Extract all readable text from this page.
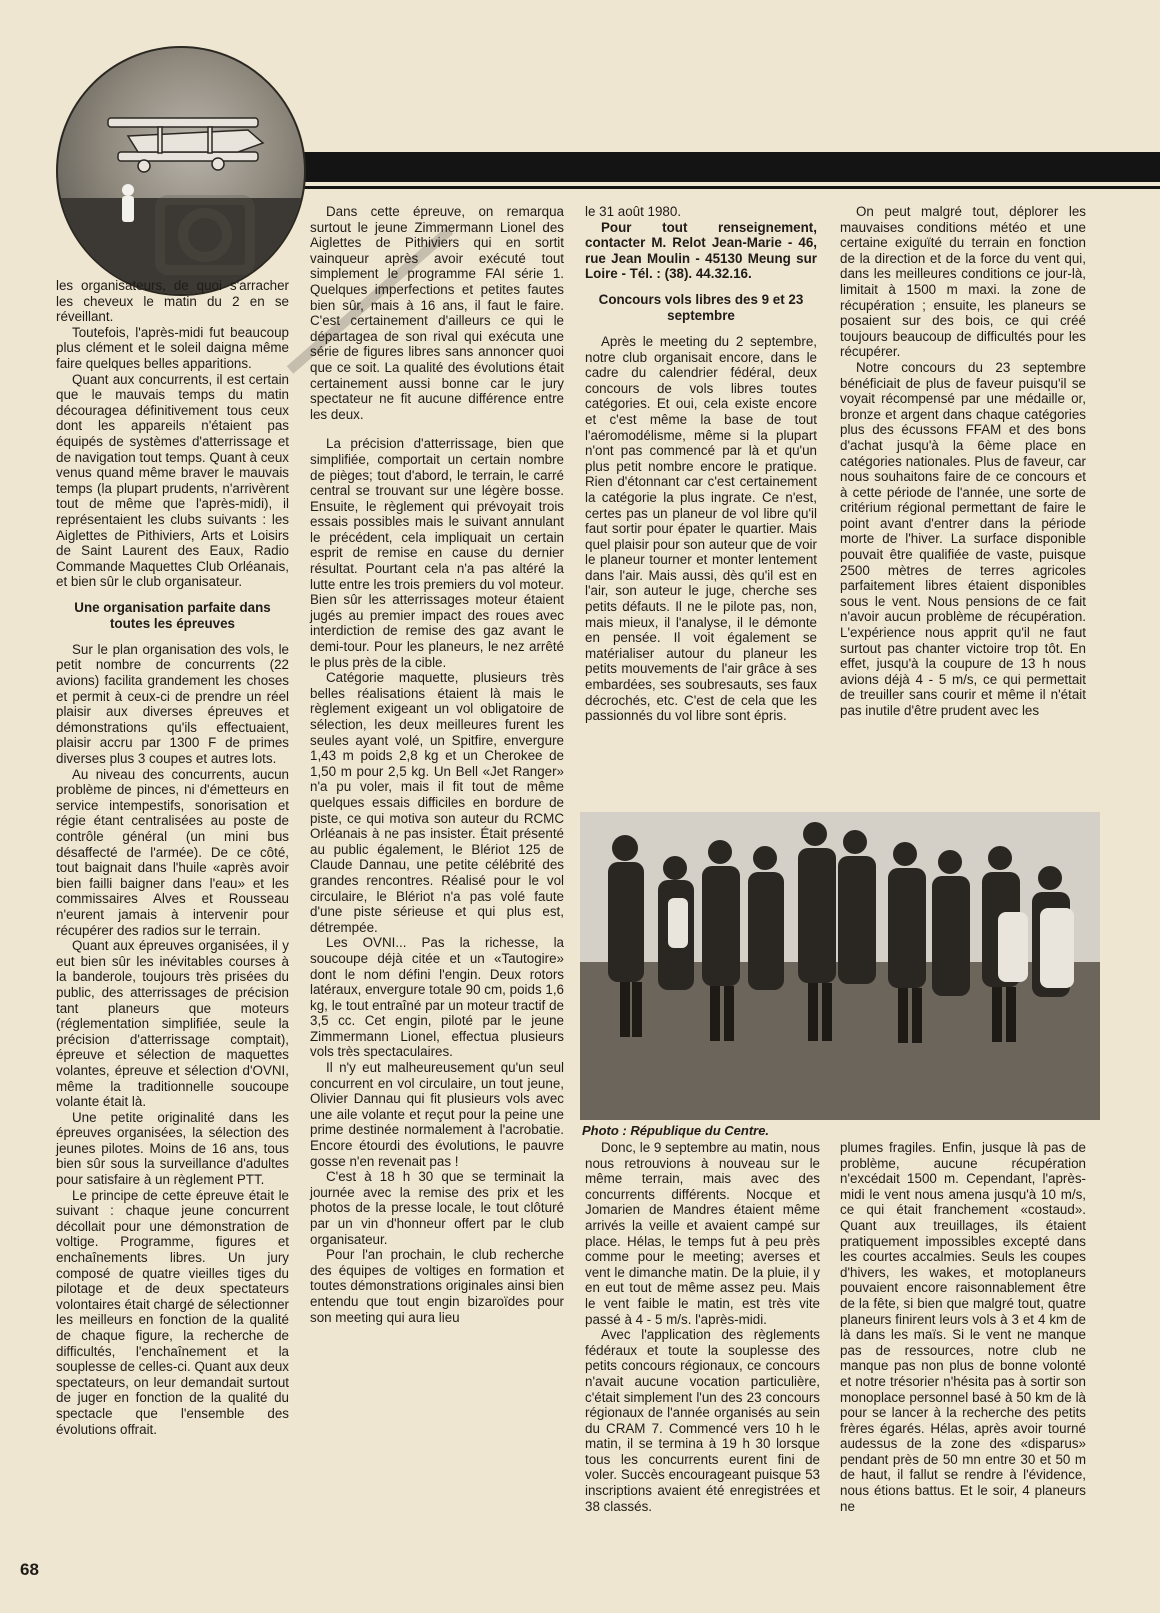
les organisateurs, de quoi s'arracher les cheveux le matin du 2 en se réveillant.

Toutefois, l'après-midi fut beaucoup plus clément et le soleil daigna même faire quelques belles apparitions.

Quant aux concurrents, il est certain que le mauvais temps du matin découragea définitivement tous ceux dont les appareils n'étaient pas équipés de systèmes d'atterrissage et de navigation tout temps. Quant à ceux venus quand même braver le mauvais temps (la plupart prudents, n'arrivèrent tout de même que l'après-midi), il représentaient les clubs suivants : les Aiglettes de Pithiviers, Arts et Loisirs de Saint Laurent des Eaux, Radio Commande Maquettes Club Orléanais, et bien sûr le club organisateur.

Une organisation parfaite dans toutes les épreuves

Sur le plan organisation des vols, le petit nombre de concurrents (22 avions) facilita grandement les choses et permit à ceux-ci de prendre un réel plaisir aux diverses épreuves et démonstrations qu'ils effectuaient, plaisir accru par 1300 F de primes diverses plus 3 coupes et autres lots.

Au niveau des concurrents, aucun problème de pinces, ni d'émetteurs en service intempestifs, sonorisation et régie étant centralisées au poste de contrôle général (un mini bus désaffecté de l'armée). De ce côté, tout baignait dans l'huile «après avoir bien failli baigner dans l'eau» et les commissaires Alves et Rousseau n'eurent jamais à intervenir pour récupérer des radios sur le terrain.

Quant aux épreuves organisées, il y eut bien sûr les inévitables courses à la banderole, toujours très prisées du public, des atterrissages de précision tant planeurs que moteurs (réglementation simplifiée, seule la précision d'atterrissage comptait), épreuve et sélection de maquettes volantes, épreuve et sélection d'OVNI, même la traditionnelle soucoupe volante était là.

Une petite originalité dans les épreuves organisées, la sélection des jeunes pilotes. Moins de 16 ans, tous bien sûr sous la surveillance d'adultes pour satisfaire à un règlement PTT.

Le principe de cette épreuve était le suivant : chaque jeune concurrent décollait pour une démonstration de voltige. Programme, figures et enchaînements libres. Un jury composé de quatre vieilles tiges du pilotage et de deux spectateurs volontaires était chargé de sélectionner les meilleurs en fonction de la qualité de chaque figure, la recherche de difficultés, l'enchaînement et la souplesse de celles-ci. Quant aux deux spectateurs, on leur demandait surtout de juger en fonction de la qualité du spectacle que l'ensemble des évolutions offrait.

Dans cette épreuve, on remarqua surtout le jeune Zimmermann Lionel des Aiglettes de Pithiviers qui en sortit vainqueur après avoir exécuté tout simplement le programme FAI série 1. Quelques imperfections et petites fautes bien sûr, mais à 16 ans, il faut le faire. C'est certainement d'ailleurs ce qui le départagea de son rival qui exécuta une série de figures libres sans annoncer quoi que ce soit. La qualité des évolutions était certainement aussi bonne car le jury spectateur ne fit aucune différence entre les deux.

La précision d'atterrissage, bien que simplifiée, comportait un certain nombre de pièges; tout d'abord, le terrain, le carré central se trouvant sur une légère bosse. Ensuite, le règlement qui prévoyait trois essais possibles mais le suivant annulant le précédent, cela impliquait un certain esprit de remise en cause du dernier résultat. Pourtant cela n'a pas altéré la lutte entre les trois premiers du vol moteur. Bien sûr les atterrissages moteur étaient jugés au premier impact des roues avec interdiction de remise des gaz avant le demi-tour. Pour les planeurs, le nez arrêté le plus près de la cible.

Catégorie maquette, plusieurs très belles réalisations étaient là mais le règlement exigeant un vol obligatoire de sélection, les deux meilleures furent les seules ayant volé, un Spitfire, envergure 1,43 m poids 2,8 kg et un Cherokee de 1,50 m pour 2,5 kg. Un Bell «Jet Ranger» n'a pu voler, mais il fit tout de même quelques essais difficiles en bordure de piste, ce qui motiva son auteur du RCMC Orléanais à ne pas insister. Était présenté au public également, le Blériot 125 de Claude Dannau, une petite célébrité des grandes rencontres. Réalisé pour le vol circulaire, le Blériot n'a pas volé faute d'une piste sérieuse et qui plus est, détrempée.

Les OVNI... Pas la richesse, la soucoupe déjà citée et un «Tautogire» dont le nom défini l'engin. Deux rotors latéraux, envergure totale 90 cm, poids 1,6 kg, le tout entraîné par un moteur tractif de 3,5 cc. Cet engin, piloté par le jeune Zimmermann Lionel, effectua plusieurs vols très spectaculaires.

Il n'y eut malheureusement qu'un seul concurrent en vol circulaire, un tout jeune, Olivier Dannau qui fit plusieurs vols avec une aile volante et reçut pour la peine une prime destinée normalement à l'acrobatie. Encore étourdi des évolutions, le pauvre gosse n'en revenait pas !

C'est à 18 h 30 que se terminait la journée avec la remise des prix et les photos de la presse locale, le tout clôturé par un vin d'honneur offert par le club organisateur.

Pour l'an prochain, le club recherche des équipes de voltiges en formation et toutes démonstrations originales ainsi bien entendu que tout engin bizaroïdes pour son meeting qui aura lieu

le 31 août 1980.

Pour tout renseignement, contacter M. Relot Jean-Marie - 46, rue Jean Moulin - 45130 Meung sur Loire - Tél. : (38). 44.32.16.

Concours vols libres des 9 et 23 septembre

Après le meeting du 2 septembre, notre club organisait encore, dans le cadre du calendrier fédéral, deux concours de vols libres toutes catégories. Et oui, cela existe encore et c'est même la base de tout l'aéromodélisme, même si la plupart n'ont pas commencé par là et qu'un plus petit nombre encore le pratique. Rien d'étonnant car c'est certainement la catégorie la plus ingrate. Ce n'est, certes pas un planeur de vol libre qu'il faut sortir pour épater le quartier. Mais quel plaisir pour son auteur que de voir le planeur tourner et monter lentement dans l'air. Mais aussi, dès qu'il est en l'air, son auteur le juge, cherche ses petits défauts. Il ne le pilote pas, non, mais mieux, il l'analyse, il le démonte en pensée. Il voit également se matérialiser autour du planeur les petits mouvements de l'air grâce à ses embardées, ses soubresauts, ses faux décrochés, etc. C'est de cela que les passionnés du vol libre sont épris.

On peut malgré tout, déplorer les mauvaises conditions météo et une certaine exiguïté du terrain en fonction de la direction et de la force du vent qui, dans les meilleures conditions ce jour-là, limitait à 1500 m maxi. la zone de récupération ; ensuite, les planeurs se posaient sur des bois, ce qui créé toujours beaucoup de difficultés pour les récupérer.

Notre concours du 23 septembre bénéficiait de plus de faveur puisqu'il se voyait récompensé par une médaille or, bronze et argent dans chaque catégories plus des écussons FFAM et des bons d'achat jusqu'à la 6ème place en catégories nationales. Plus de faveur, car nous souhaitons faire de ce concours et à cette période de l'année, une sorte de critérium régional permettant de faire le point avant d'entrer dans la période morte de l'hiver. La surface disponible pouvait être qualifiée de vaste, puisque 2500 mètres de terres agricoles parfaitement libres étaient disponibles sous le vent. Nous pensions de ce fait n'avoir aucun problème de récupération. L'expérience nous apprit qu'il ne faut surtout pas chanter victoire trop tôt. En effet, jusqu'à la coupure de 13 h nous avions déjà 4 - 5 m/s, ce qui permettait de treuiller sans courir et même il n'était pas inutile d'être prudent avec les

Photo : République du Centre.

Donc, le 9 septembre au matin, nous nous retrouvions à nouveau sur le même terrain, mais avec des concurrents différents. Nocque et Jomarien de Mandres étaient même arrivés la veille et avaient campé sur place. Hélas, le temps fut à peu près comme pour le meeting; averses et vent le dimanche matin. De la pluie, il y en eut tout de même assez peu. Mais le vent faible le matin, est très vite passé à 4 - 5 m/s. l'après-midi.

Avec l'application des règlements fédéraux et toute la souplesse des petits concours régionaux, ce concours n'avait aucune vocation particulière, c'était simplement l'un des 23 concours régionaux de l'année organisés au sein du CRAM 7. Commencé vers 10 h le matin, il se termina à 19 h 30 lorsque tous les concurrents eurent fini de voler. Succès encourageant puisque 53 inscriptions avaient été enregistrées et 38 classés.

plumes fragiles. Enfin, jusque là pas de problème, aucune récupération n'excédait 1500 m. Cependant, l'après-midi le vent nous amena jusqu'à 10 m/s, ce qui était franchement «costaud». Quant aux treuillages, ils étaient pratiquement impossibles excepté dans les courtes accalmies. Seuls les coupes d'hivers, les wakes, et motoplaneurs pouvaient encore raisonnablement être de la fête, si bien que malgré tout, quatre planeurs finirent leurs vols à 3 et 4 km de là dans les maïs. Si le vent ne manque pas de ressources, notre club ne manque pas non plus de bonne volonté et notre trésorier n'hésita pas à sortir son monoplace personnel basé à 50 km de là pour se lancer à la recherche des petits frères égarés. Hélas, après avoir tourné audessus de la zone des «disparus» pendant près de 50 mn entre 30 et 50 m de haut, il fallut se rendre à l'évidence, nous étions battus. Et le soir, 4 planeurs ne

68
